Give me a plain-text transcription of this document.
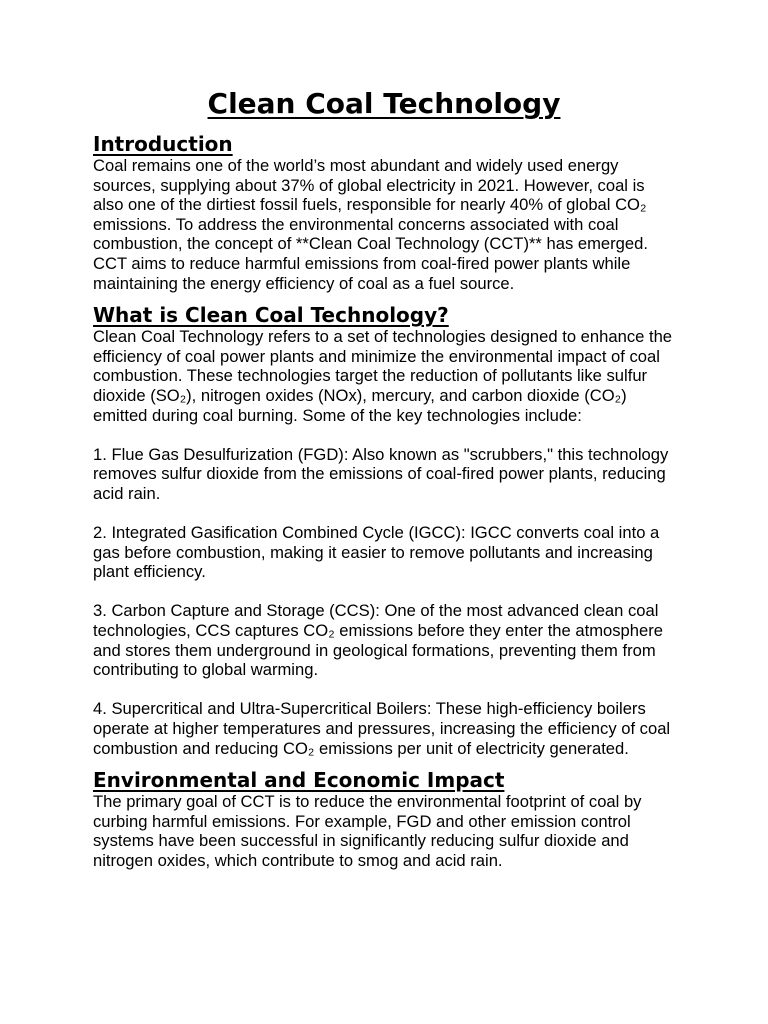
Clean Coal Technology
Introduction

Coal remains one of the world’s most abundant and widely used energy sources, supplying about 37% of global electricity in 2021. However, coal is also one of the dirtiest fossil fuels, responsible for nearly 40% of global CO₂ emissions. To address the environmental concerns associated with coal combustion, the concept of **Clean Coal Technology (CCT)** has emerged. CCT aims to reduce harmful emissions from coal-fired power plants while maintaining the energy efficiency of coal as a fuel source.

What is Clean Coal Technology?

Clean Coal Technology refers to a set of technologies designed to enhance the efficiency of coal power plants and minimize the environmental impact of coal combustion. These technologies target the reduction of pollutants like sulfur dioxide (SO₂), nitrogen oxides (NOx), mercury, and carbon dioxide (CO₂) emitted during coal burning. Some of the key technologies include:

1. Flue Gas Desulfurization (FGD): Also known as "scrubbers," this technology removes sulfur dioxide from the emissions of coal-fired power plants, reducing acid rain.

2. Integrated Gasification Combined Cycle (IGCC): IGCC converts coal into a gas before combustion, making it easier to remove pollutants and increasing plant efficiency.

3. Carbon Capture and Storage (CCS): One of the most advanced clean coal technologies, CCS captures CO₂ emissions before they enter the atmosphere and stores them underground in geological formations, preventing them from contributing to global warming.

4. Supercritical and Ultra-Supercritical Boilers: These high-efficiency boilers operate at higher temperatures and pressures, increasing the efficiency of coal combustion and reducing CO₂ emissions per unit of electricity generated.

Environmental and Economic Impact

The primary goal of CCT is to reduce the environmental footprint of coal by curbing harmful emissions. For example, FGD and other emission control systems have been successful in significantly reducing sulfur dioxide and nitrogen oxides, which contribute to smog and acid rain.
